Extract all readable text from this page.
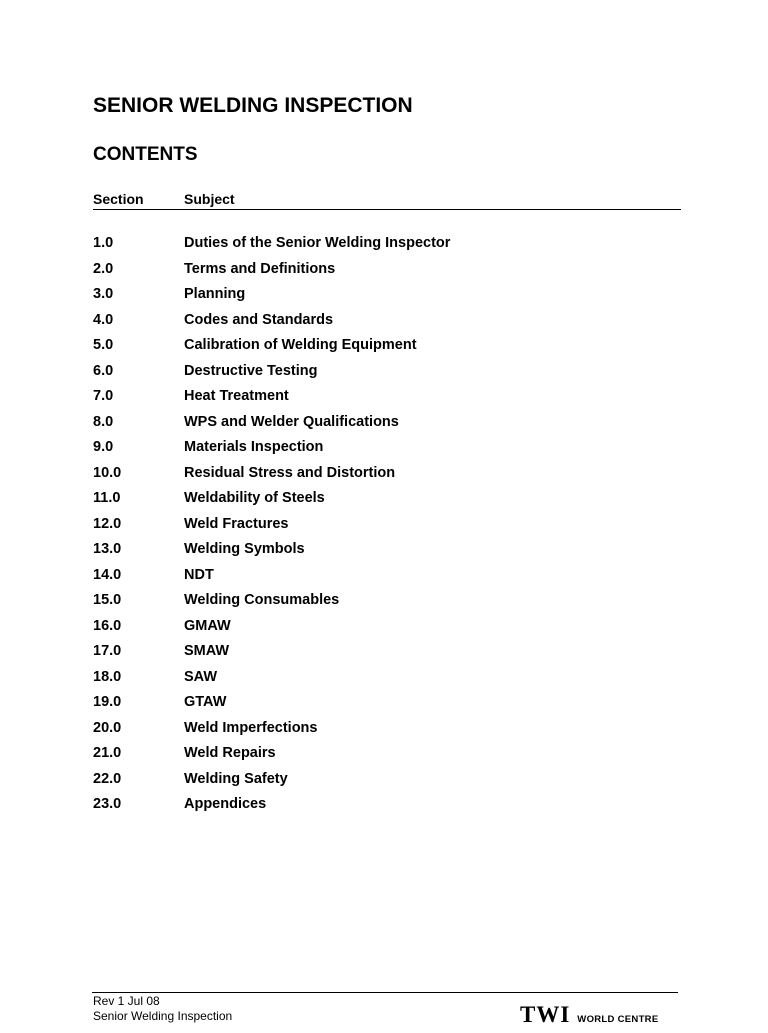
SENIOR WELDING INSPECTION
CONTENTS
Section	Subject
1.0	Duties of the Senior Welding Inspector
2.0	Terms and Definitions
3.0	Planning
4.0	Codes and Standards
5.0	Calibration of Welding Equipment
6.0	Destructive Testing
7.0	Heat Treatment
8.0	WPS and Welder Qualifications
9.0	Materials Inspection
10.0	Residual Stress and Distortion
11.0	Weldability of Steels
12.0	Weld Fractures
13.0	Welding Symbols
14.0	NDT
15.0	Welding Consumables
16.0	GMAW
17.0	SMAW
18.0	SAW
19.0	GTAW
20.0	Weld Imperfections
21.0	Weld Repairs
22.0	Welding Safety
23.0	Appendices
Rev 1 Jul 08
Senior Welding Inspection	TWI WORLD CENTRE
